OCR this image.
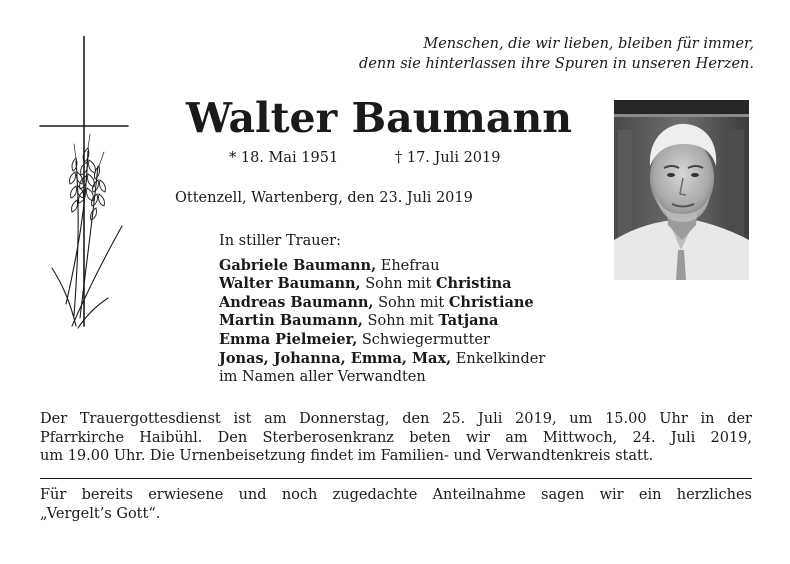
Menschen, die wir lieben, bleiben für immer,
denn sie hinterlassen ihre Spuren in unseren Herzen.
Walter Baumann
* 18. Mai 1951	† 17. Juli 2019
Ottenzell, Wartenberg, den 23. Juli 2019
In stiller Trauer:
Gabriele Baumann, Ehefrau
Walter Baumann, Sohn mit Christina
Andreas Baumann, Sohn mit Christiane
Martin Baumann, Sohn mit Tatjana
Emma Pielmeier, Schwiegermutter
Jonas, Johanna, Emma, Max, Enkelkinder
im Namen aller Verwandten
Der Trauergottesdienst ist am Donnerstag, den 25. Juli 2019, um 15.00 Uhr in der
Pfarrkirche Haibühl. Den Sterberosenkranz beten wir am Mittwoch, 24. Juli 2019,
um 19.00 Uhr. Die Urnenbeisetzung findet im Familien- und Verwandtenkreis statt.
Für bereits erwiesene und noch zugedachte Anteilnahme sagen wir ein herzliches
„Vergelt’s Gott“.
